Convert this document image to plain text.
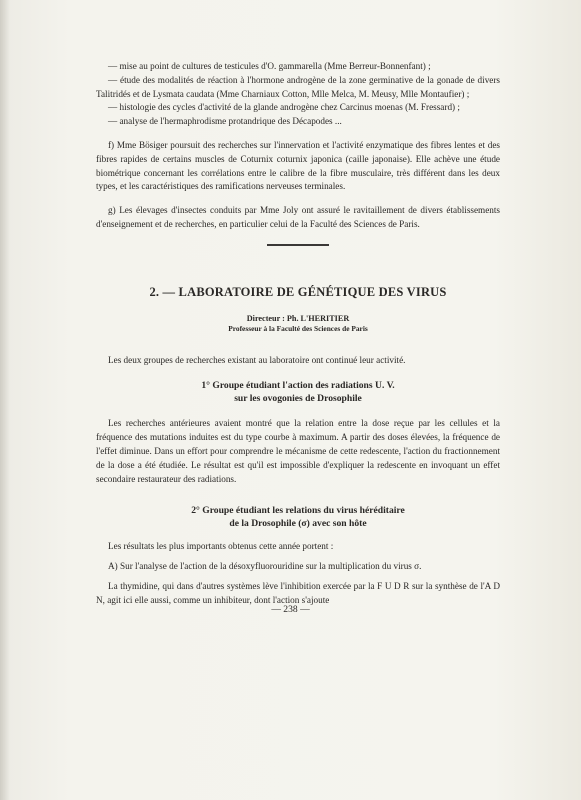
— mise au point de cultures de testicules d'O. gammarella (Mme Berreur-Bonnenfant) ;

— étude des modalités de réaction à l'hormone androgène de la zone germinative de la gonade de divers Talitridés et de Lysmata caudata (Mme Charniaux Cotton, Mlle Melca, M. Meusy, Mlle Montaufier) ;

— histologie des cycles d'activité de la glande androgène chez Carcinus moenas (M. Fressard) ;

— analyse de l'hermaphrodisme protandrique des Décapodes ...

f) Mme Bösiger poursuit des recherches sur l'innervation et l'activité enzymatique des fibres lentes et des fibres rapides de certains muscles de Coturnix coturnix japonica (caille japonaise). Elle achève une étude biométrique concernant les corrélations entre le calibre de la fibre musculaire, très différent dans les deux types, et les caractéristiques des ramifications nerveuses terminales.

g) Les élevages d'insectes conduits par Mme Joly ont assuré le ravitaillement de divers établissements d'enseignement et de recherches, en particulier celui de la Faculté des Sciences de Paris.

2. — LABORATOIRE DE GÉNÉTIQUE DES VIRUS
Directeur : Ph. L'HERITIER
Professeur à la Faculté des Sciences de Paris

Les deux groupes de recherches existant au laboratoire ont continué leur activité.

1° Groupe étudiant l'action des radiations U. V.
sur les ovogonies de Drosophile

Les recherches antérieures avaient montré que la relation entre la dose reçue par les cellules et la fréquence des mutations induites est du type courbe à maximum. A partir des doses élevées, la fréquence de l'effet diminue. Dans un effort pour comprendre le mécanisme de cette redescente, l'action du fractionnement de la dose a été étudiée. Le résultat est qu'il est impossible d'expliquer la redescente en invoquant un effet secondaire restaurateur des radiations.

2° Groupe étudiant les relations du virus héréditaire
de la Drosophile (σ) avec son hôte

Les résultats les plus importants obtenus cette année portent :

A) Sur l'analyse de l'action de la désoxyfluorouridine sur la multiplication du virus σ.

La thymidine, qui dans d'autres systèmes lève l'inhibition exercée par la F U D R sur la synthèse de l'A D N, agit ici elle aussi, comme un inhibiteur, dont l'action s'ajoute

— 238 —
